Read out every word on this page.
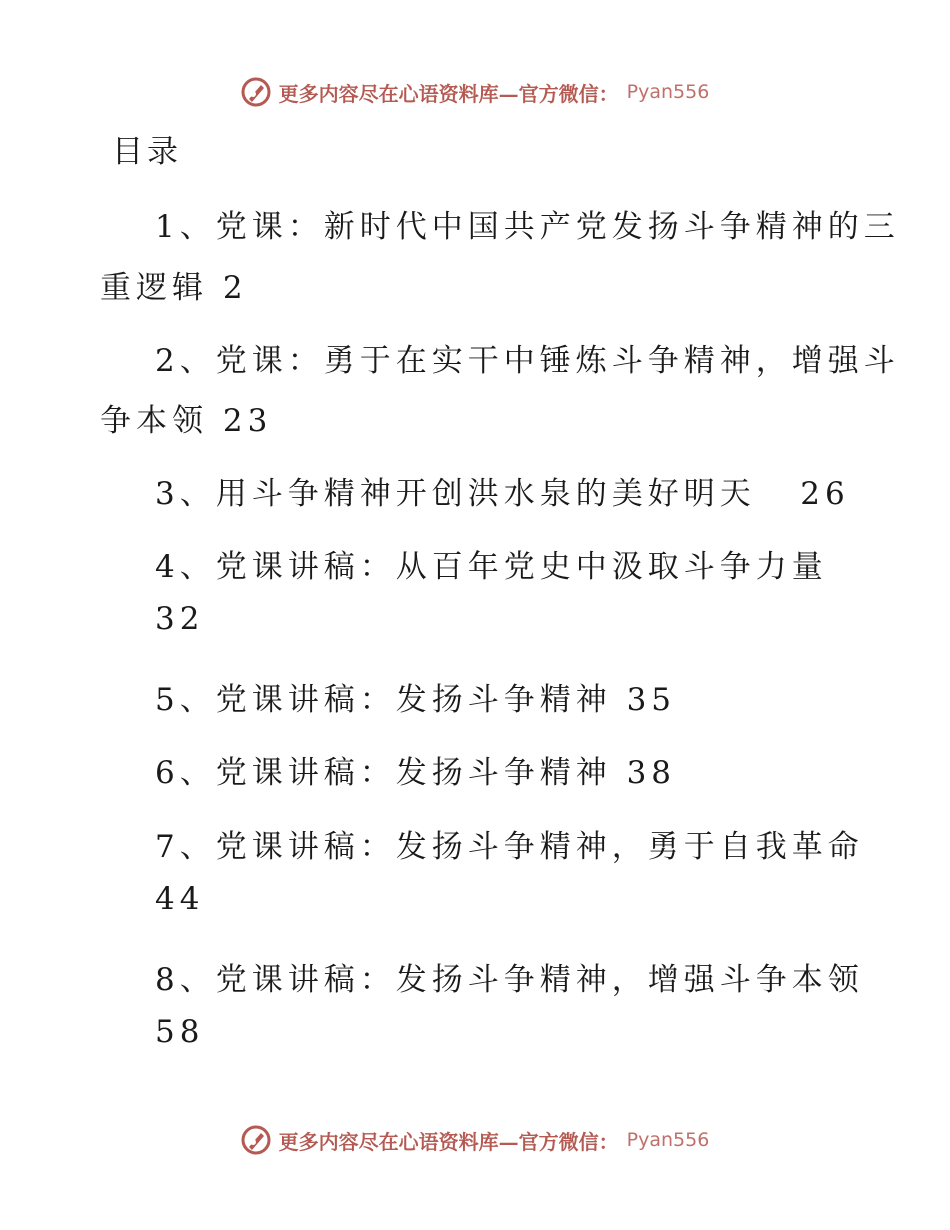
更多内容尽在心语资料库—官方微信： Pyan556
目录
1、党课：新时代中国共产党发扬斗争精神的三
重逻辑 2
2、党课：勇于在实干中锤炼斗争精神，增强斗
争本领 23
3、用斗争精神开创洪水泉的美好明天   26
4、党课讲稿：从百年党史中汲取斗争力量
32
5、党课讲稿：发扬斗争精神 35
6、党课讲稿：发扬斗争精神 38
7、党课讲稿：发扬斗争精神，勇于自我革命
44
8、党课讲稿：发扬斗争精神，增强斗争本领
58
更多内容尽在心语资料库—官方微信： Pyan556
